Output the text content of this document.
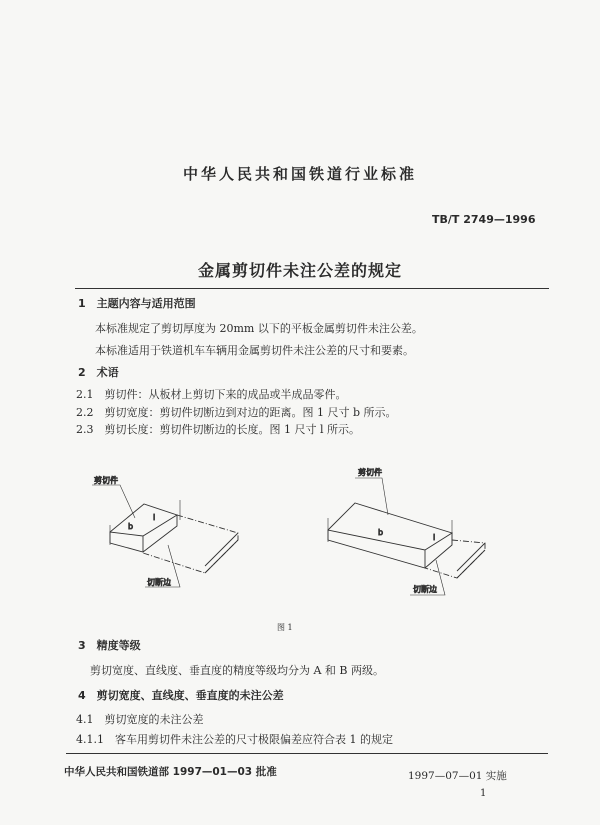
中华人民共和国铁道行业标准
TB/T 2749—1996
金属剪切件未注公差的规定
1　主题内容与适用范围
本标准规定了剪切厚度为 20mm 以下的平板金属剪切件未注公差。
本标准适用于铁道机车车辆用金属剪切件未注公差的尺寸和要素。
2　术语
2.1　剪切件：从板材上剪切下来的成品或半成品零件。
2.2　剪切宽度：剪切件切断边到对边的距离。图 1 尺寸 b 所示。
2.3　剪切长度：剪切件切断边的长度。图 1 尺寸 l 所示。
b
l
剪切件
切断边
b
l
剪切件
切断边
图 1
3　精度等级
剪切宽度、直线度、垂直度的精度等级均分为 A 和 B 两级。
4　剪切宽度、直线度、垂直度的未注公差
4.1　剪切宽度的未注公差
4.1.1　客车用剪切件未注公差的尺寸极限偏差应符合表 1 的规定
中华人民共和国铁道部 1997—01—03 批准	1997—07—01 实施
1
